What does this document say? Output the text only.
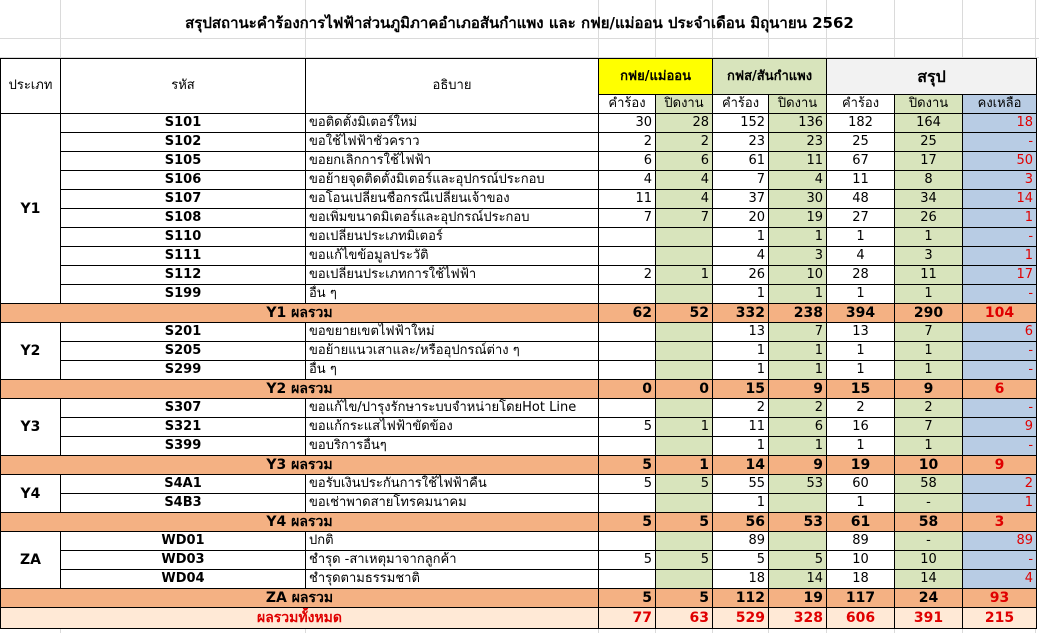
สรุปสถานะคำร้องการไฟฟ้าส่วนภูมิภาคอำเภอสันกำแพง และ กฟย/แม่ออน ประจำเดือน มิถุนายน 2562
ประเภท	รหัส	อธิบาย	กฟย/แม่ออน		กฟส/สันกำแพง		สรุป		
			คำร้อง	ปิดงาน	คำร้อง	ปิดงาน	คำร้อง	ปิดงาน	คงเหลือ
Y1	S101	ขอติดตั้งมิเตอร์ใหม่	30	28	152	136	182	164	18
	S102	ขอใช้ไฟฟ้าชั่วคราว	2	2	23	23	25	25	-
	S105	ขอยกเลิกการใช้ไฟฟ้า	6	6	61	11	67	17	50
	S106	ขอย้ายจุดติดตั้งมิเตอร์และอุปกรณ์ประกอบ	4	4	7	4	11	8	3
	S107	ขอโอนเปลี่ยนชื่อกรณีเปลี่ยนเจ้าของ	11	4	37	30	48	34	14
	S108	ขอเพิ่มขนาดมิเตอร์และอุปกรณ์ประกอบ	7	7	20	19	27	26	1
	S110	ขอเปลี่ยนประเภทมิเตอร์			1	1	1	1	-
	S111	ขอแก้ไขข้อมูลประวัติ			4	3	4	3	1
	S112	ขอเปลี่ยนประเภทการใช้ไฟฟ้า	2	1	26	10	28	11	17
	S199	อื่น ๆ			1	1	1	1	-
Y1 ผลรวม			62	52	332	238	394	290	104
Y2	S201	ขอขยายเขตไฟฟ้าใหม่			13	7	13	7	6
	S205	ขอย้ายแนวเสาและ/หรืออุปกรณ์ต่าง ๆ			1	1	1	1	-
	S299	อื่น ๆ			1	1	1	1	-
Y2 ผลรวม			0	0	15	9	15	9	6
Y3	S307	ขอแก้ไข/ปารุงรักษาระบบจำหน่ายโดยHot Line			2	2	2	2	-
	S321	ขอแก้กระแสไฟฟ้าขัดข้อง	5	1	11	6	16	7	9
	S399	ขอบริการอื่นๆ			1	1	1	1	-
Y3 ผลรวม			5	1	14	9	19	10	9
Y4	S4A1	ขอรับเงินประกันการใช้ไฟฟ้าคืน	5	5	55	53	60	58	2
	S4B3	ขอเช่าพาดสายโทรคมนาคม			1		1	-	1
Y4 ผลรวม			5	5	56	53	61	58	3
ZA	WD01	ปกติ			89		89	-	89
	WD03	ชำรุด -สาเหตุมาจากลูกค้า	5	5	5	5	10	10	-
	WD04	ชำรุดตามธรรมชาติ			18	14	18	14	4
ZA ผลรวม			5	5	112	19	117	24	93
ผลรวมทั้งหมด			77	63	529	328	606	391	215
